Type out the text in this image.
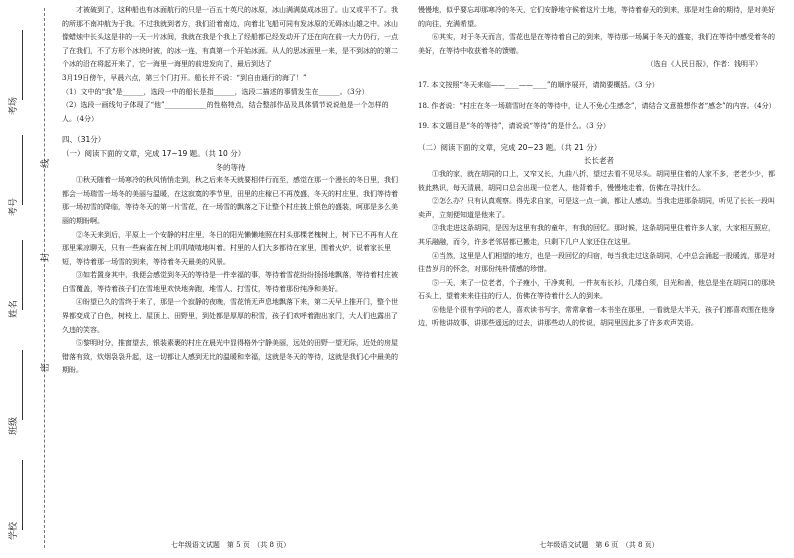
学校
班级
姓名
考号
考场
密
封
线

才被破到了，这种船也有冰面航行的只是一百五十英尺的冰原，冰山满满莫成冰田了。山又或平不了。我的所那不南冲航为于我。不过我就到者方，我们沿着南边，向着北飞船可同有发冰原的无碍冰山雄之中。冰山像蜡烛中长头这是非的一天一片冰间，我就在我是个我上了经船都已经发动开了还在向在前一大力仍行，一点了在我们，不了方形个冰块时被，的冰一连，有真第一个开始冰面。从人的思冰面里一来，是不到冰的的第二个冰的沿在将起开来了，它一海里一海里的前进发向了，最后到达了

3月19日傍午，早晨六点，第三个门打开。船长并不说：“到自由通行的海了！”

（1）文中的“我”是______，选段一中的船长是指______，选段二描述的事情发生在______。（3分）

（2）选段一画线句子体现了“他”____________的性格特点，结合整部作品及具体情节说说他是一个怎样的人。（4分）

四、（31分）

（一）阅读下面的文章，完成 17~19 题。（共 10 分）

冬的等待

①秋天随着一场寒冷的秋风悄悄走到，秋之后来冬天就要相伴行而至，感觉在那一个漫长的冬日里，我们都会一场瑞雪一场冬的美丽与温暖，在这寂寞的季节里，田里的庄稼已不再茂盛，冬天的村庄里，我们等待着那一场初雪的降临，等待冬天的第一片雪花，在一场雪的飘落之下让整个村庄披上银色的盛装，呵那是多么美丽的期盼啊。

②冬天来到后，平原上一个安静的村庄里，冬日的阳光懒懒地照在村头那棵老槐树上，树下已不再有人在那里乘凉聊天，只有一些麻雀在树上叽叽喳喳地叫着。村里的人们大多都待在家里，围着火炉，说着家长里短，等待着那一场雪的到来，等待着冬天最美的风景。

③如若置身其中，我便会感觉到冬天的等待是一件幸福的事，等待着雪花纷纷扬扬地飘落，等待着村庄被白雪覆盖，等待着孩子们在雪地里欢快地奔跑，堆雪人、打雪仗，等待着那份纯净和美好。

④盼望已久的雪终于来了，那是一个寂静的夜晚，雪花悄无声息地飘落下来，第二天早上推开门，整个世界都变成了白色，树枝上、屋顶上、田野里，到处都是厚厚的积雪，孩子们欢呼着跑出家门，大人们也露出了久违的笑容。

⑤黎明时分，推窗望去，银装素裹的村庄在晨光中显得格外宁静美丽，远处的田野一望无际，近处的房屋错落有致，炊烟袅袅升起，这一切都让人感到无比的温暖和幸福，这就是冬天的等待，这就是我们心中最美的期盼。

七年级语文试题　第 5 页　（共 8 页）

慢慢地，似乎要忘却那寒冷的冬天，它们安静地守候着这片土地，等待着春天的到来，那是对生命的期待，是对美好的向往，充满希望。

⑥其实，对于冬天而言，雪花也是在等待着自己的到来，等待那一场属于冬天的盛宴，我们在等待中感受着冬的美好，在等待中收获着冬的馈赠。

（选自《人民日报》，作者：钱明平）

17. 本文按照“冬天来临——____——____”的顺序展开，请简要概括。（3 分）

18. 作者说：“村庄在冬一场瑞雪时在冬的等待中，让人不免心生感念”，请结合文意推想作者“感念”的内容。（4分）

19. 本文题目是“冬的等待”，请说说“等待”的是什么。（3 分）

（二）阅读下面的文章，完成 20~23 题。（共 21 分）

长长老者

①我的家，就在胡同的口上，又窄又长，九曲八折，望过去看不见尽头。胡同里住着的人家不多，老老少少，都彼此熟识，每天清晨，胡同口总会出现一位老人，他背着手，慢慢地走着，仿佛在寻找什么。

②怎么办？只有认真观察。得先求自家，可是这一点一滴，都让人感动。当我走进那条胡同，听见了长长一段叫卖声，立刻便知道是他来了。

③我走进这条胡同，是因为这里有我的童年，有我的回忆。那时候，这条胡同里住着许多人家，大家相互照应，其乐融融，而今，许多老邻居都已搬走，只剩下几户人家还住在这里。

④当然，这里是人们相望的地方，也是一段回忆的归宿，每当我走过这条胡同，心中总会涌起一股暖流，那是对往昔岁月的怀念，对那份纯朴情感的珍惜。

⑤一天，来了一位老者，个子瘦小，干净爽利，一件灰布长衫，几缕白须，目光和善，他总是坐在胡同口的那块石头上，望着来来往往的行人，仿佛在等待着什么人的到来。

⑥他是个很有学问的老人，喜欢读书写字，常常拿着一本书坐在那里，一看就是大半天，孩子们都喜欢围在他身边，听他讲故事，讲那些遥远的过去，讲那些动人的传说，胡同里因此多了许多欢声笑语。

七年级语文试题　第 6 页　（共 8 页）
